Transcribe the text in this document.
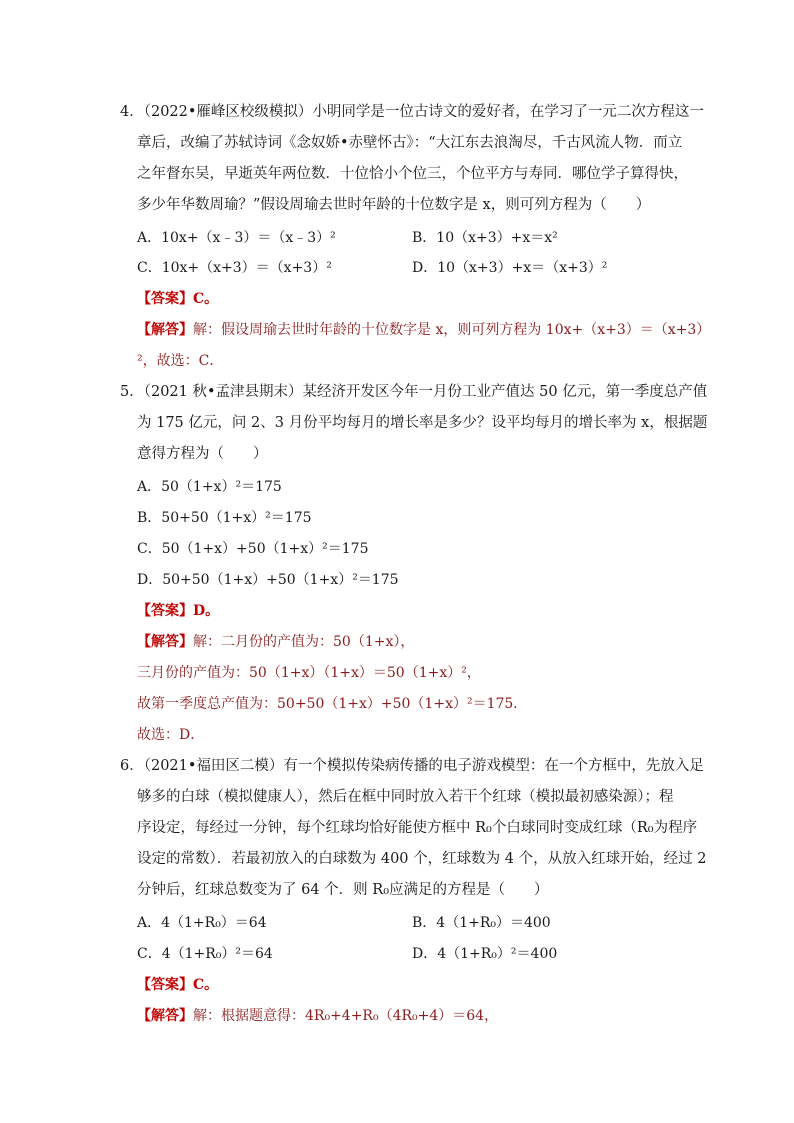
4．（2022•雁峰区校级模拟）小明同学是一位古诗文的爱好者，在学习了一元二次方程这一
章后，改编了苏轼诗词《念奴娇•赤壁怀古》：“大江东去浪淘尽，千古风流人物．而立
之年督东吴，早逝英年两位数．十位恰小个位三，个位平方与寿同．哪位学子算得快，
多少年华数周瑜？”假设周瑜去世时年龄的十位数字是 x，则可列方程为（　　）
A．10x+（x﹣3）＝（x﹣3）²	B．10（x+3）+x＝x²
C．10x+（x+3）＝（x+3）²	D．10（x+3）+x＝（x+3）²
【答案】C。
【解答】解：假设周瑜去世时年龄的十位数字是 x，则可列方程为 10x+（x+3）＝（x+3）
²，故选：C．
5．（2021 秋•孟津县期末）某经济开发区今年一月份工业产值达 50 亿元，第一季度总产值
为 175 亿元，问 2、3 月份平均每月的增长率是多少？设平均每月的增长率为 x，根据题
意得方程为（　　）
A．50（1+x）²＝175
B．50+50（1+x）²＝175
C．50（1+x）+50（1+x）²＝175
D．50+50（1+x）+50（1+x）²＝175
【答案】D。
【解答】解：二月份的产值为：50（1+x），
三月份的产值为：50（1+x）（1+x）＝50（1+x）²，
故第一季度总产值为：50+50（1+x）+50（1+x）²＝175．
故选：D．
6．（2021•福田区二模）有一个模拟传染病传播的电子游戏模型：在一个方框中，先放入足
够多的白球（模拟健康人），然后在框中同时放入若干个红球（模拟最初感染源）；程
序设定，每经过一分钟，每个红球均恰好能使方框中 R₀个白球同时变成红球（R₀为程序
设定的常数）．若最初放入的白球数为 400 个，红球数为 4 个，从放入红球开始，经过 2
分钟后，红球总数变为了 64 个．则 R₀应满足的方程是（　　）
A．4（1+R₀）＝64	B．4（1+R₀）＝400
C．4（1+R₀）²＝64	D．4（1+R₀）²＝400
【答案】C。
【解答】解：根据题意得：4R₀+4+R₀（4R₀+4）＝64，
